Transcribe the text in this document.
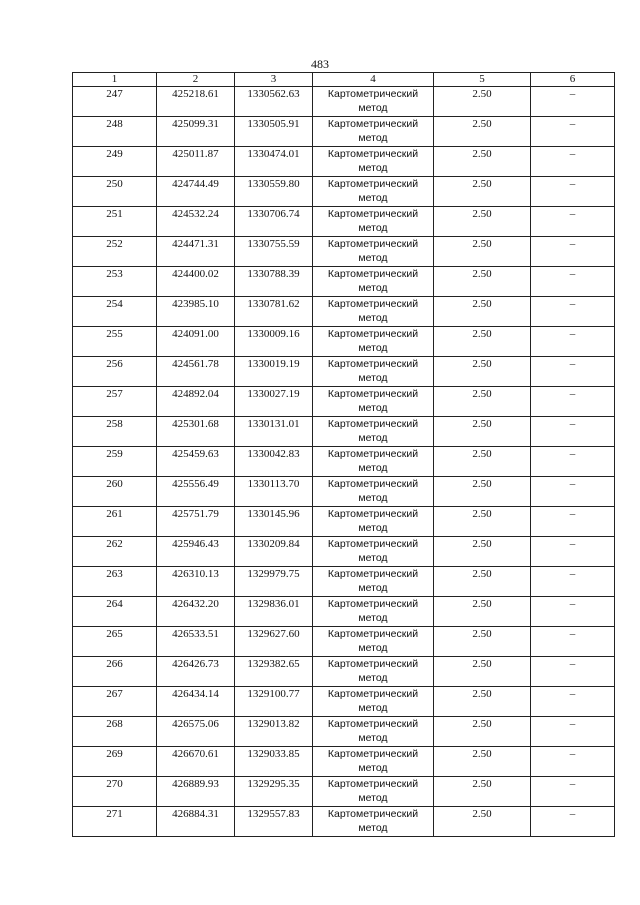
483
1	2	3	4	5	6
247	425218.61	1330562.63	Картометрический метод	2.50	–
248	425099.31	1330505.91	Картометрический метод	2.50	–
249	425011.87	1330474.01	Картометрический метод	2.50	–
250	424744.49	1330559.80	Картометрический метод	2.50	–
251	424532.24	1330706.74	Картометрический метод	2.50	–
252	424471.31	1330755.59	Картометрический метод	2.50	–
253	424400.02	1330788.39	Картометрический метод	2.50	–
254	423985.10	1330781.62	Картометрический метод	2.50	–
255	424091.00	1330009.16	Картометрический метод	2.50	–
256	424561.78	1330019.19	Картометрический метод	2.50	–
257	424892.04	1330027.19	Картометрический метод	2.50	–
258	425301.68	1330131.01	Картометрический метод	2.50	–
259	425459.63	1330042.83	Картометрический метод	2.50	–
260	425556.49	1330113.70	Картометрический метод	2.50	–
261	425751.79	1330145.96	Картометрический метод	2.50	–
262	425946.43	1330209.84	Картометрический метод	2.50	–
263	426310.13	1329979.75	Картометрический метод	2.50	–
264	426432.20	1329836.01	Картометрический метод	2.50	–
265	426533.51	1329627.60	Картометрический метод	2.50	–
266	426426.73	1329382.65	Картометрический метод	2.50	–
267	426434.14	1329100.77	Картометрический метод	2.50	–
268	426575.06	1329013.82	Картометрический метод	2.50	–
269	426670.61	1329033.85	Картометрический метод	2.50	–
270	426889.93	1329295.35	Картометрический метод	2.50	–
271	426884.31	1329557.83	Картометрический метод	2.50	–
